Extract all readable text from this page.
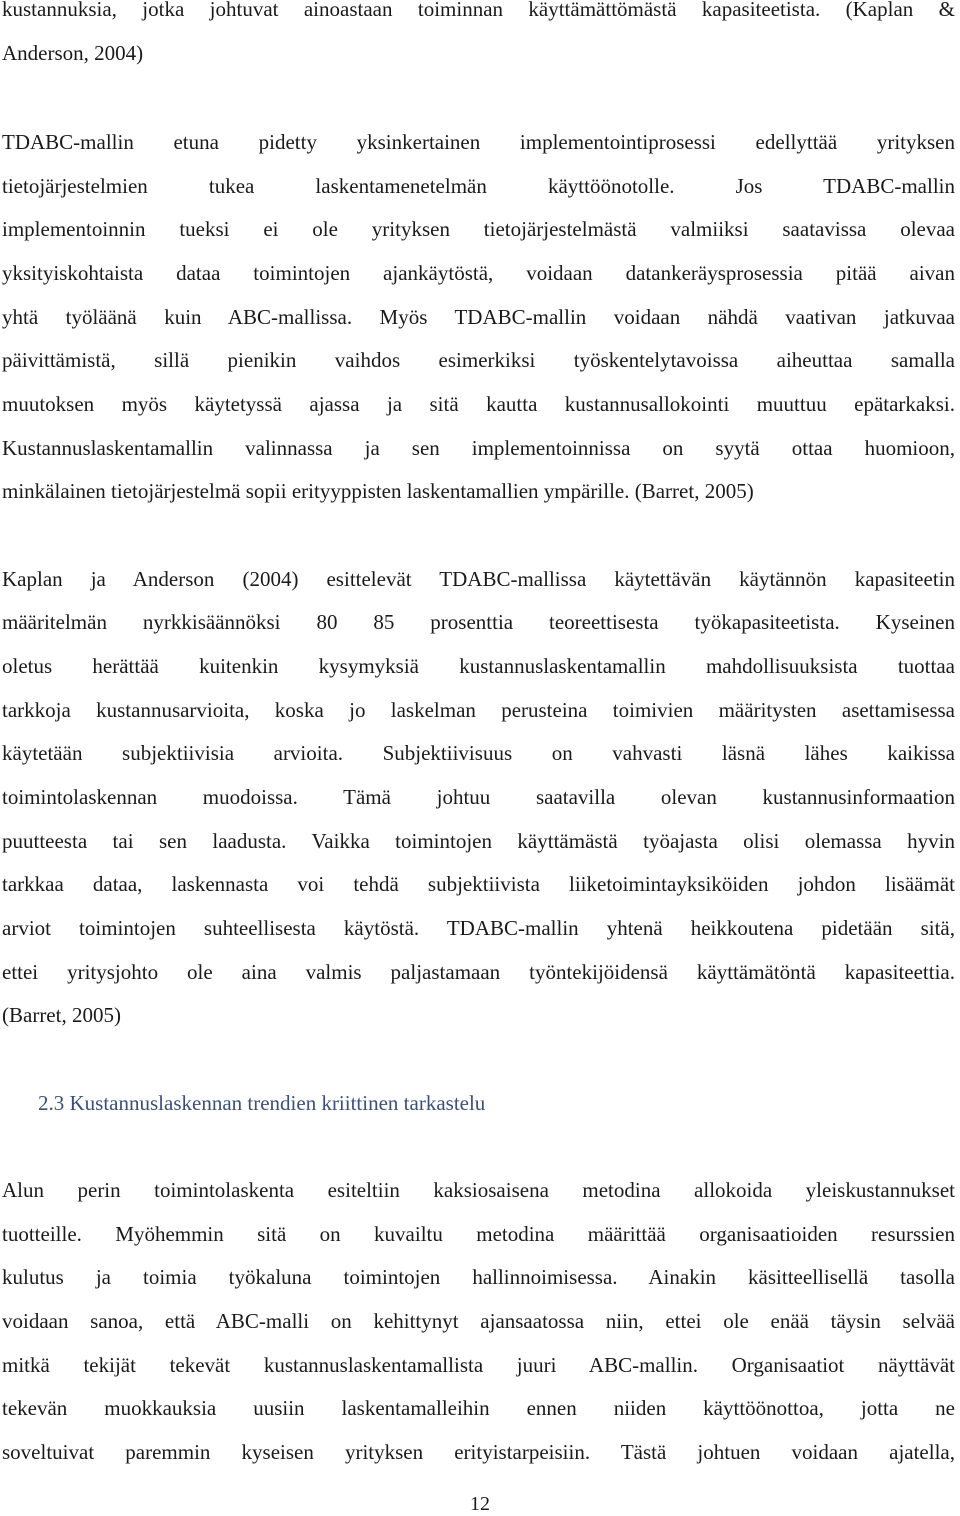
kustannuksia, jotka johtuvat ainoastaan toiminnan käyttämättömästä kapasiteetista. (Kaplan &
Anderson, 2004)
TDABC-mallin etuna pidetty yksinkertainen implementointiprosessi edellyttää yrityksen
tietojärjestelmien tukea laskentamenetelmän käyttöönotolle. Jos TDABC-mallin
implementoinnin tueksi ei ole yrityksen tietojärjestelmästä valmiiksi saatavissa olevaa
yksityiskohtaista dataa toimintojen ajankäytöstä, voidaan datankeräysprosessia pitää aivan
yhtä työläänä kuin ABC-mallissa. Myös TDABC-mallin voidaan nähdä vaativan jatkuvaa
päivittämistä, sillä pienikin vaihdos esimerkiksi työskentelytavoissa aiheuttaa samalla
muutoksen myös käytetyssä ajassa ja sitä kautta kustannusallokointi muuttuu epätarkaksi.
Kustannuslaskentamallin valinnassa ja sen implementoinnissa on syytä ottaa huomioon,
minkälainen tietojärjestelmä sopii erityyppisten laskentamallien ympärille. (Barret, 2005)
Kaplan ja Anderson (2004) esittelevät TDABC-mallissa käytettävän käytännön kapasiteetin
määritelmän nyrkkisäännöksi 80 85 prosenttia teoreettisesta työkapasiteetista. Kyseinen
oletus herättää kuitenkin kysymyksiä kustannuslaskentamallin mahdollisuuksista tuottaa
tarkkoja kustannusarvioita, koska jo laskelman perusteina toimivien määritysten asettamisessa
käytetään subjektiivisia arvioita. Subjektiivisuus on vahvasti läsnä lähes kaikissa
toimintolaskennan muodoissa. Tämä johtuu saatavilla olevan kustannusinformaation
puutteesta tai sen laadusta. Vaikka toimintojen käyttämästä työajasta olisi olemassa hyvin
tarkkaa dataa, laskennasta voi tehdä subjektiivista liiketoimintayksiköiden johdon lisäämät
arviot toimintojen suhteellisesta käytöstä. TDABC-mallin yhtenä heikkoutena pidetään sitä,
ettei yritysjohto ole aina valmis paljastamaan työntekijöidensä käyttämätöntä kapasiteettia.
(Barret, 2005)
2.3 Kustannuslaskennan trendien kriittinen tarkastelu
Alun perin toimintolaskenta esiteltiin kaksiosaisena metodina allokoida yleiskustannukset
tuotteille. Myöhemmin sitä on kuvailtu metodina määrittää organisaatioiden resurssien
kulutus ja toimia työkaluna toimintojen hallinnoimisessa. Ainakin käsitteellisellä tasolla
voidaan sanoa, että ABC-malli on kehittynyt ajansaatossa niin, ettei ole enää täysin selvää
mitkä tekijät tekevät kustannuslaskentamallista juuri ABC-mallin. Organisaatiot näyttävät
tekevän muokkauksia uusiin laskentamalleihin ennen niiden käyttöönottoa, jotta ne
soveltuivat paremmin kyseisen yrityksen erityistarpeisiin. Tästä johtuen voidaan ajatella,
12
